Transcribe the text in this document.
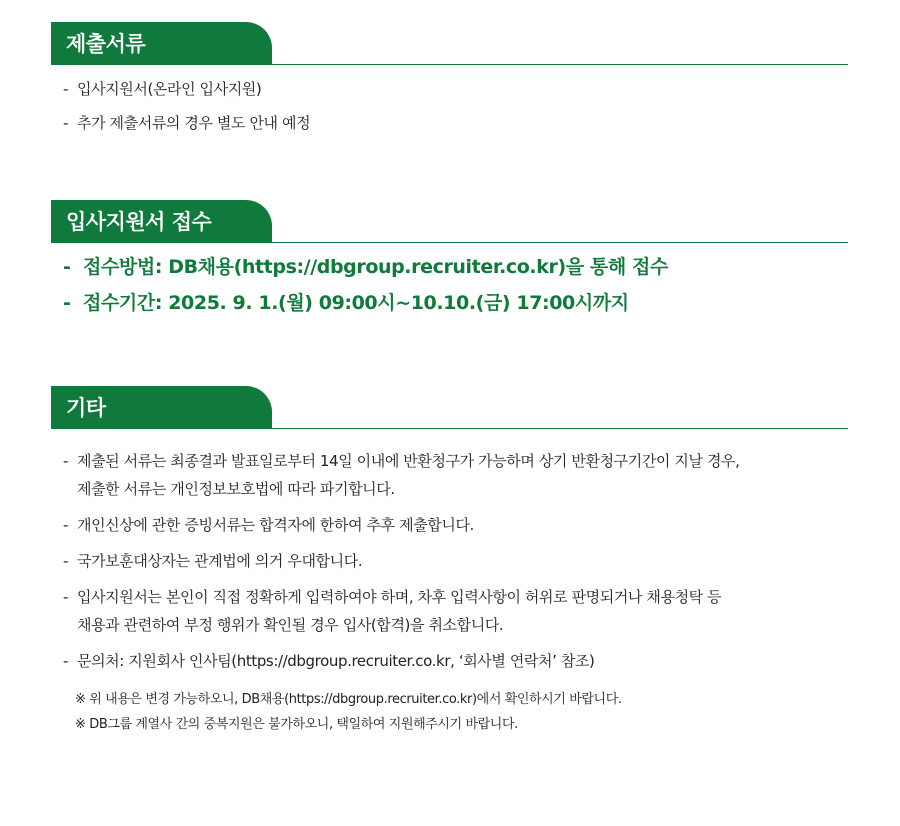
제출서류
- 입사지원서(온라인 입사지원)
- 추가 제출서류의 경우 별도 안내 예정
입사지원서 접수
- 접수방법: DB채용(https://dbgroup.recruiter.co.kr)을 통해 접수
- 접수기간: 2025. 9. 1.(월) 09:00시~10.10.(금) 17:00시까지
기타
- 제출된 서류는 최종결과 발표일로부터 14일 이내에 반환청구가 가능하며 상기 반환청구기간이 지날 경우,
제출한 서류는 개인정보보호법에 따라 파기합니다.
- 개인신상에 관한 증빙서류는 합격자에 한하여 추후 제출합니다.
- 국가보훈대상자는 관계법에 의거 우대합니다.
- 입사지원서는 본인이 직접 정확하게 입력하여야 하며, 차후 입력사항이 허위로 판명되거나 채용청탁 등
채용과 관련하여 부정 행위가 확인될 경우 입사(합격)을 취소합니다.
- 문의처: 지원회사 인사팀(https://dbgroup.recruiter.co.kr, ‘회사별 연락처’ 참조)
※ 위 내용은 변경 가능하오니, DB채용(https://dbgroup.recruiter.co.kr)에서 확인하시기 바랍니다.
※ DB그룹 계열사 간의 중복지원은 불가하오니, 택일하여 지원해주시기 바랍니다.
